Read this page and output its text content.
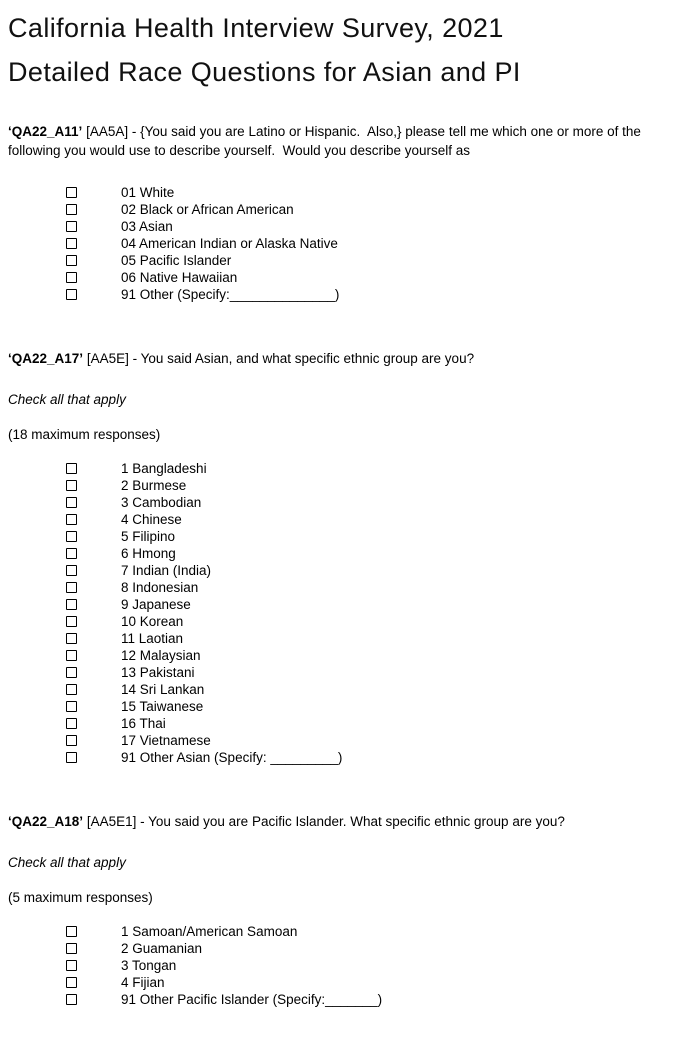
California Health Interview Survey, 2021
Detailed Race Questions for Asian and PI

‘QA22_A11’ [AA5A] - {You said you are Latino or Hispanic.  Also,} please tell me which one or more of the following you would use to describe yourself.  Would you describe yourself as

01 White
02 Black or African American
03 Asian
04 American Indian or Alaska Native
05 Pacific Islander
06 Native Hawaiian
91 Other (Specify:______________)

‘QA22_A17’ [AA5E] - You said Asian, and what specific ethnic group are you?

Check all that apply

(18 maximum responses)

1 Bangladeshi
2 Burmese
3 Cambodian
4 Chinese
5 Filipino
6 Hmong
7 Indian (India)
8 Indonesian
9 Japanese
10 Korean
11 Laotian
12 Malaysian
13 Pakistani
14 Sri Lankan
15 Taiwanese
16 Thai
17 Vietnamese
91 Other Asian (Specify: _________)

‘QA22_A18’ [AA5E1] - You said you are Pacific Islander. What specific ethnic group are you?

Check all that apply

(5 maximum responses)

1 Samoan/American Samoan
2 Guamanian
3 Tongan
4 Fijian
91 Other Pacific Islander (Specify:_______)
